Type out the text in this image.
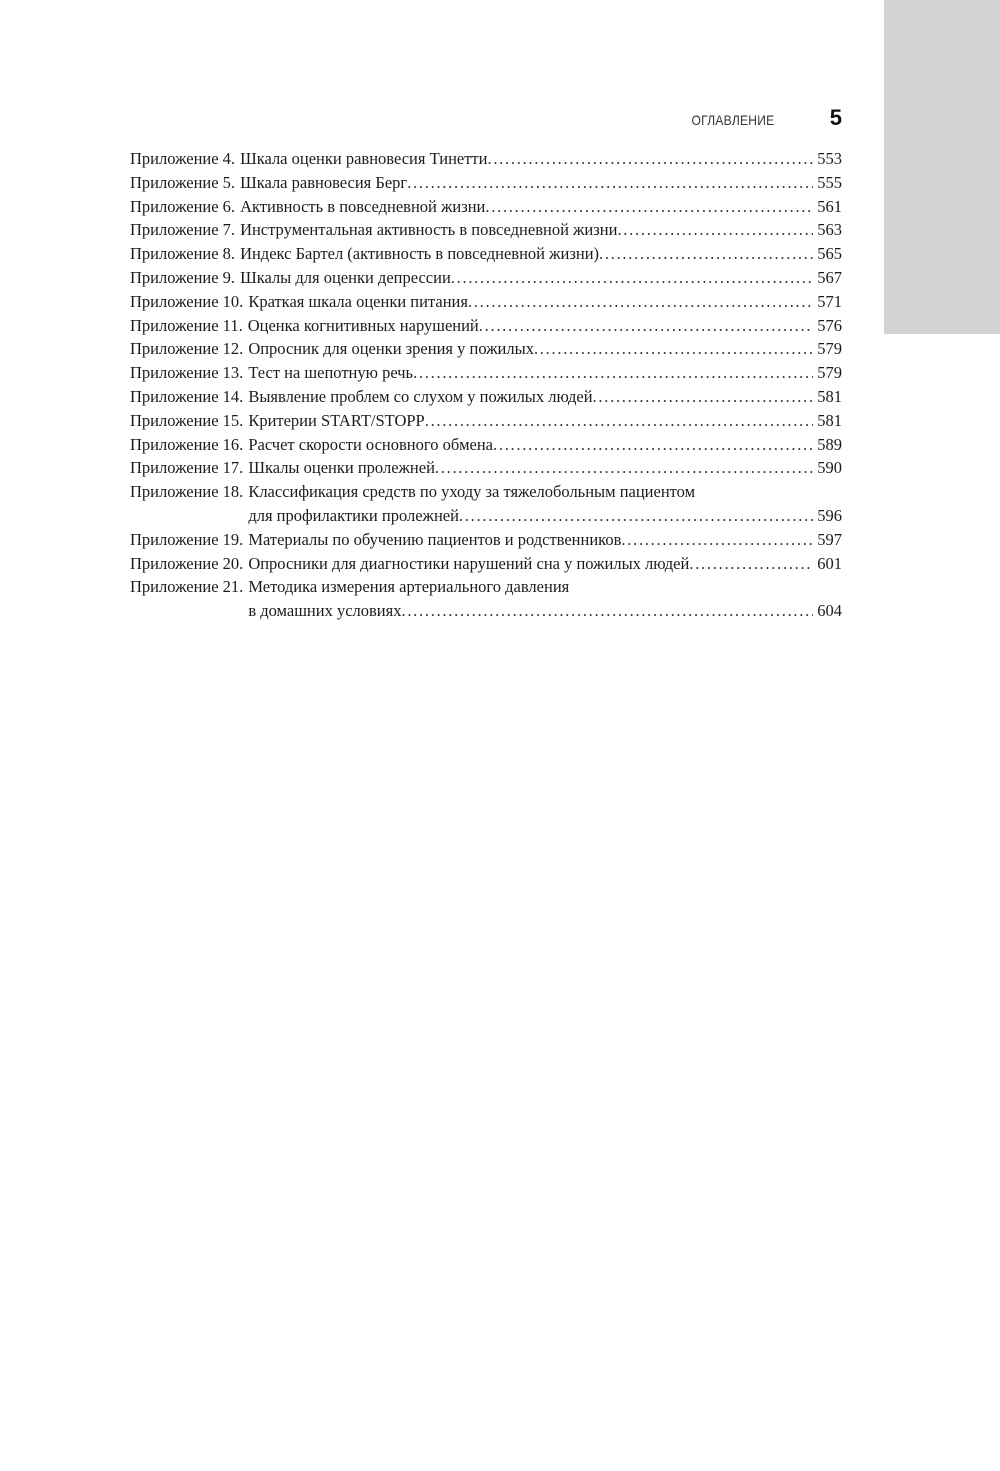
ОГЛАВЛЕНИЕ	5
Приложение 4. Шкала оценки равновесия Тинетти . . .	553
Приложение 5. Шкала равновесия Берг . . .	555
Приложение 6. Активность в повседневной жизни . . .	561
Приложение 7. Инструментальная активность в повседневной жизни . . .	563
Приложение 8. Индекс Бартел (активность в повседневной жизни) . . .	565
Приложение 9. Шкалы для оценки депрессии . . .	567
Приложение 10. Краткая шкала оценки питания . . .	571
Приложение 11. Оценка когнитивных нарушений . . .	576
Приложение 12. Опросник для оценки зрения у пожилых . . .	579
Приложение 13. Тест на шепотную речь . . .	579
Приложение 14. Выявление проблем со слухом у пожилых людей . . .	581
Приложение 15. Критерии START/STOPP . . .	581
Приложение 16. Расчет скорости основного обмена . . .	589
Приложение 17. Шкалы оценки пролежней . . .	590
Приложение 18. Классификация средств по уходу за тяжелобольным пациентом
для профилактики пролежней . . .	596
Приложение 19. Материалы по обучению пациентов и родственников . . .	597
Приложение 20. Опросники для диагностики нарушений сна у пожилых людей . . .	601
Приложение 21. Методика измерения артериального давления
в домашних условиях . . .	604
